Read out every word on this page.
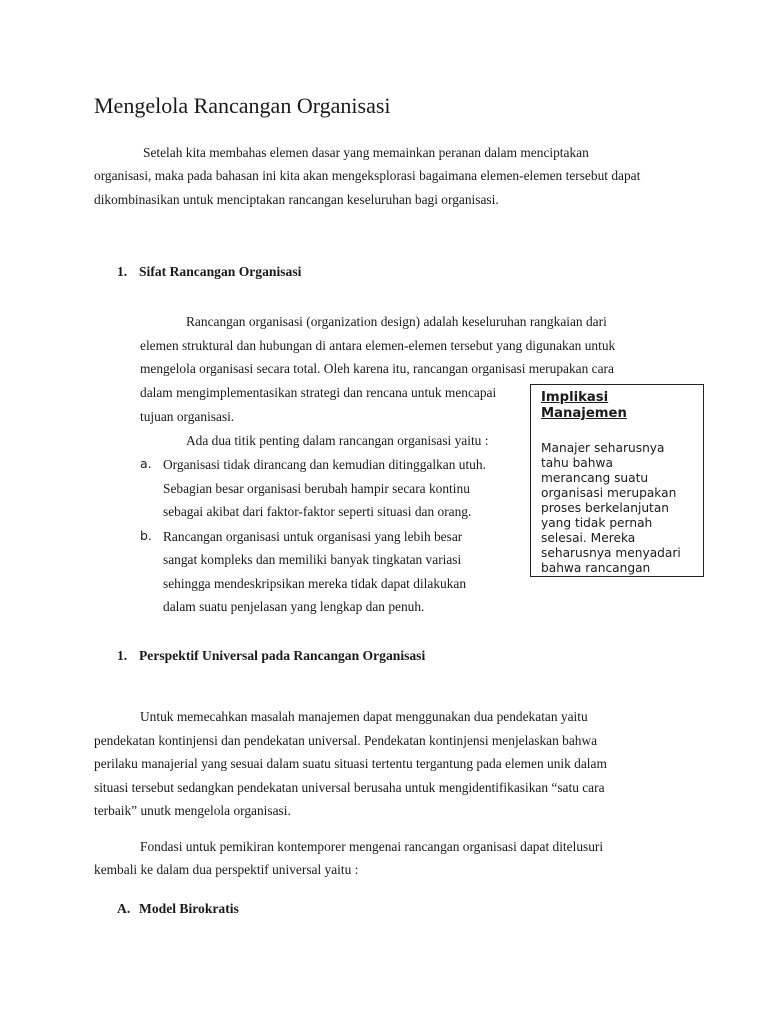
Mengelola Rancangan Organisasi
Setelah kita membahas elemen dasar yang memainkan peranan dalam menciptakan
organisasi, maka pada bahasan ini kita akan mengeksplorasi bagaimana elemen-elemen tersebut dapat
dikombinasikan untuk menciptakan rancangan keseluruhan bagi organisasi.
1. Sifat Rancangan Organisasi
Rancangan organisasi (organization design) adalah keseluruhan rangkaian dari
elemen struktural dan hubungan di antara elemen-elemen tersebut yang digunakan untuk
mengelola organisasi secara total. Oleh karena itu, rancangan organisasi merupakan cara
dalam mengimplementasikan strategi dan rencana untuk mencapai
tujuan organisasi.
Ada dua titik penting dalam rancangan organisasi yaitu :
a. Organisasi tidak dirancang dan kemudian ditinggalkan utuh.
Sebagian besar organisasi berubah hampir secara kontinu
sebagai akibat dari faktor-faktor seperti situasi dan orang.
b. Rancangan organisasi untuk organisasi yang lebih besar
sangat kompleks dan memiliki banyak tingkatan variasi
sehingga mendeskripsikan mereka tidak dapat dilakukan
dalam suatu penjelasan yang lengkap dan penuh.
Implikasi
Manajemen
Manajer seharusnya
tahu bahwa
merancang suatu
organisasi merupakan
proses berkelanjutan
yang tidak pernah
selesai. Mereka
seharusnya menyadari
bahwa rancangan
1. Perspektif Universal pada Rancangan Organisasi
Untuk memecahkan masalah manajemen dapat menggunakan dua pendekatan yaitu
pendekatan kontinjensi dan pendekatan universal. Pendekatan kontinjensi menjelaskan bahwa
perilaku manajerial yang sesuai dalam suatu situasi tertentu tergantung pada elemen unik dalam
situasi tersebut sedangkan pendekatan universal berusaha untuk mengidentifikasikan “satu cara
terbaik” unutk mengelola organisasi.
Fondasi untuk pemikiran kontemporer mengenai rancangan organisasi dapat ditelusuri
kembali ke dalam dua perspektif universal yaitu :
A. Model Birokratis
